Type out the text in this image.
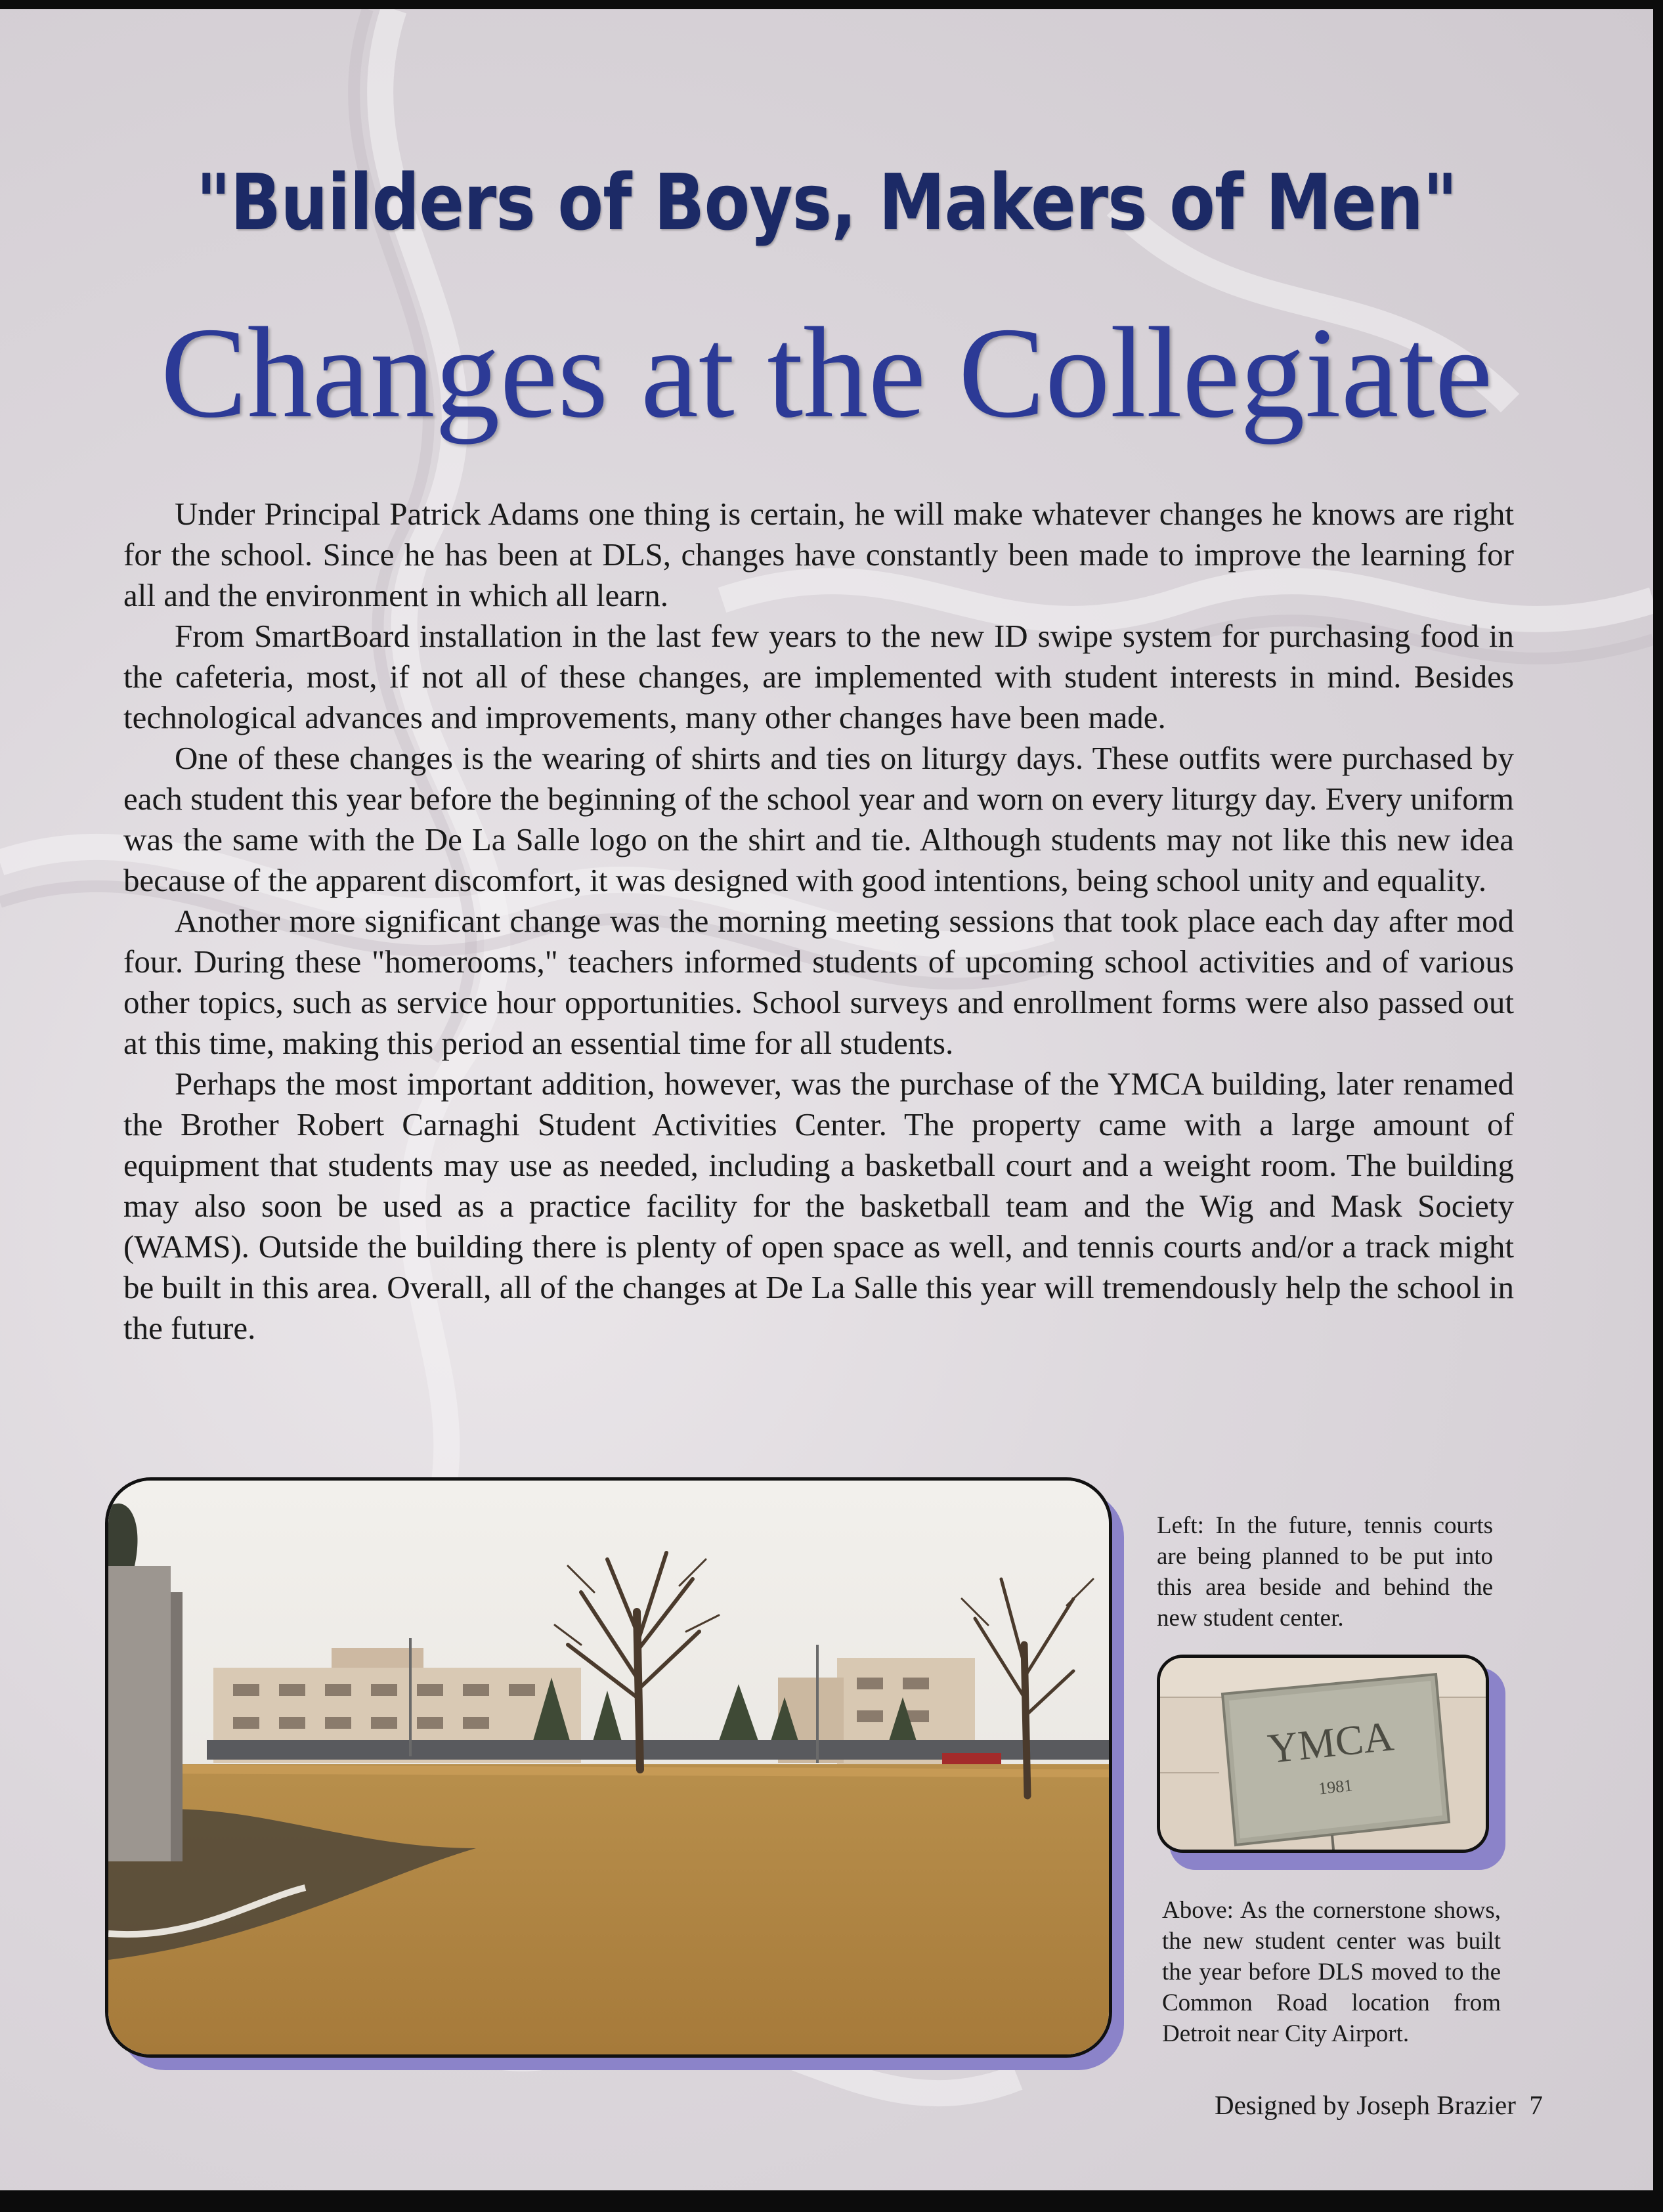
"Builders of Boys, Makers of Men"
Changes at the Collegiate

Under Principal Patrick Adams one thing is certain, he will make whatever changes he knows are right for the school. Since he has been at DLS, changes have constantly been made to improve the learning for all and the environment in which all learn.

From SmartBoard installation in the last few years to the new ID swipe system for purchasing food in the cafeteria, most, if not all of these changes, are implemented with student interests in mind. Besides technological advances and improvements, many other changes have been made.

One of these changes is the wearing of shirts and ties on liturgy days. These outfits were purchased by each student this year before the beginning of the school year and worn on every liturgy day. Every uniform was the same with the De La Salle logo on the shirt and tie. Although students may not like this new idea because of the apparent discomfort, it was designed with good intentions, being school unity and equality.

Another more significant change was the morning meeting sessions that took place each day after mod four. During these "homerooms," teachers informed students of upcoming school activities and of various other topics, such as service hour opportunities. School surveys and enrollment forms were also passed out at this time, making this period an essential time for all students.

Perhaps the most important addition, however, was the purchase of the YMCA building, later renamed the Brother Robert Carnaghi Student Activities Center. The property came with a large amount of equipment that students may use as needed, including a basketball court and a weight room. The building may also soon be used as a practice facility for the basketball team and the Wig and Mask Society (WAMS). Outside the building there is plenty of open space as well, and tennis courts and/or a track might be built in this area. Overall, all of the changes at De La Salle this year will tremendously help the school in the future.

Left: In the future, tennis courts are being planned to be put into this area beside and behind the new student center.

YMCA
1981

Above: As the cornerstone shows, the new student center was built the year before DLS moved to the Common Road location from Detroit near City Airport.

Designed by Joseph Brazier 7
